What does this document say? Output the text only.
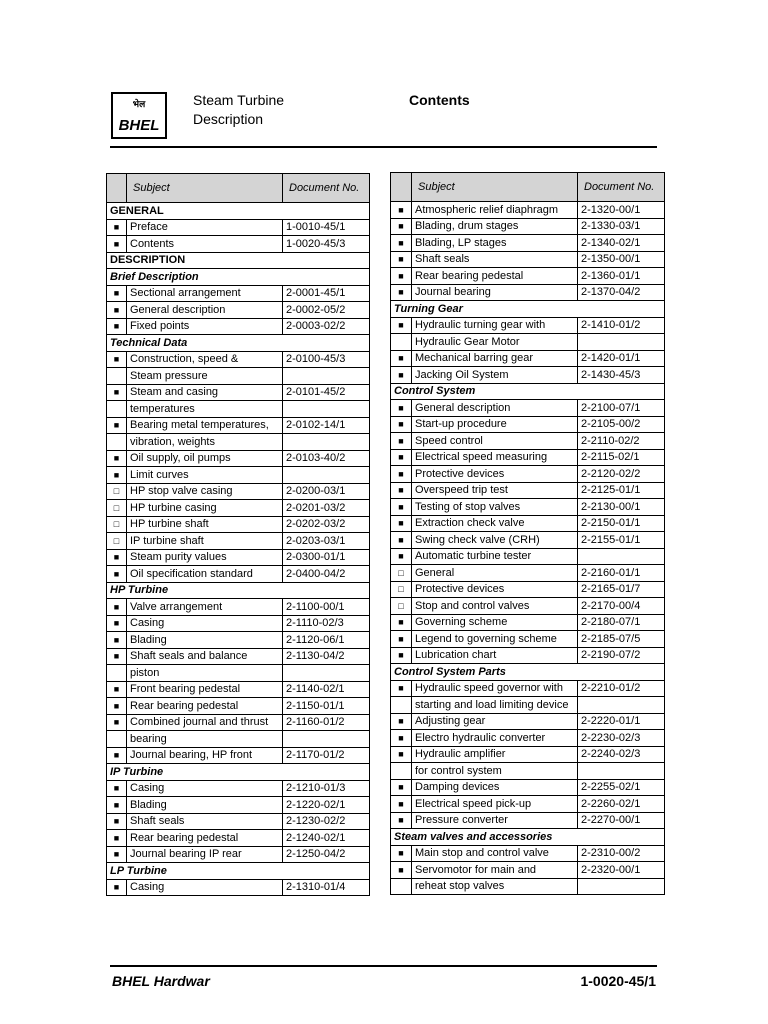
भेल
BHEL
Steam Turbine
Description
Contents
	Subject	Document No.
GENERAL		
■	Preface	1-0010-45/1
■	Contents	1-0020-45/3
DESCRIPTION		
Brief Description		
■	Sectional arrangement	2-0001-45/1
■	General description	2-0002-05/2
■	Fixed points	2-0003-02/2
Technical Data		
■	Construction, speed &	2-0100-45/3
	Steam pressure	
■	Steam and casing	2-0101-45/2
	temperatures	
■	Bearing metal temperatures,	2-0102-14/1
	vibration, weights	
■	Oil supply, oil pumps	2-0103-40/2
■	Limit curves	
□	HP stop valve casing	2-0200-03/1
□	HP turbine casing	2-0201-03/2
□	HP turbine shaft	2-0202-03/2
□	IP turbine shaft	2-0203-03/1
■	Steam purity values	2-0300-01/1
■	Oil specification standard	2-0400-04/2
HP Turbine		
■	Valve arrangement	2-1100-00/1
■	Casing	2-1110-02/3
■	Blading	2-1120-06/1
■	Shaft seals and balance	2-1130-04/2
	piston	
■	Front bearing pedestal	2-1140-02/1
■	Rear bearing pedestal	2-1150-01/1
■	Combined journal and thrust	2-1160-01/2
	bearing	
■	Journal bearing, HP front	2-1170-01/2
IP Turbine		
■	Casing	2-1210-01/3
■	Blading	2-1220-02/1
■	Shaft seals	2-1230-02/2
■	Rear bearing pedestal	2-1240-02/1
■	Journal bearing IP rear	2-1250-04/2
LP Turbine		
■	Casing	2-1310-01/4
	Subject	Document No.
■	Atmospheric relief diaphragm	2-1320-00/1
■	Blading, drum stages	2-1330-03/1
■	Blading, LP stages	2-1340-02/1
■	Shaft seals	2-1350-00/1
■	Rear bearing pedestal	2-1360-01/1
■	Journal bearing	2-1370-04/2
Turning Gear		
■	Hydraulic turning gear with	2-1410-01/2
	Hydraulic Gear Motor	
■	Mechanical barring gear	2-1420-01/1
■	Jacking Oil System	2-1430-45/3
Control System		
■	General description	2-2100-07/1
■	Start-up procedure	2-2105-00/2
■	Speed control	2-2110-02/2
■	Electrical speed measuring	2-2115-02/1
■	Protective devices	2-2120-02/2
■	Overspeed trip test	2-2125-01/1
■	Testing of stop valves	2-2130-00/1
■	Extraction check valve	2-2150-01/1
■	Swing check valve (CRH)	2-2155-01/1
■	Automatic turbine tester	
□	General	2-2160-01/1
□	Protective devices	2-2165-01/7
□	Stop and control valves	2-2170-00/4
■	Governing scheme	2-2180-07/1
■	Legend to governing scheme	2-2185-07/5
■	Lubrication chart	2-2190-07/2
Control System Parts		
■	Hydraulic speed governor with	2-2210-01/2
	starting and load limiting device	
■	Adjusting gear	2-2220-01/1
■	Electro hydraulic converter	2-2230-02/3
■	Hydraulic amplifier	2-2240-02/3
	for control system	
■	Damping devices	2-2255-02/1
■	Electrical speed pick-up	2-2260-02/1
■	Pressure converter	2-2270-00/1
Steam valves and accessories		
■	Main stop and control valve	2-2310-00/2
■	Servomotor for main and	2-2320-00/1
	reheat stop valves	
BHEL Hardwar	1-0020-45/1
